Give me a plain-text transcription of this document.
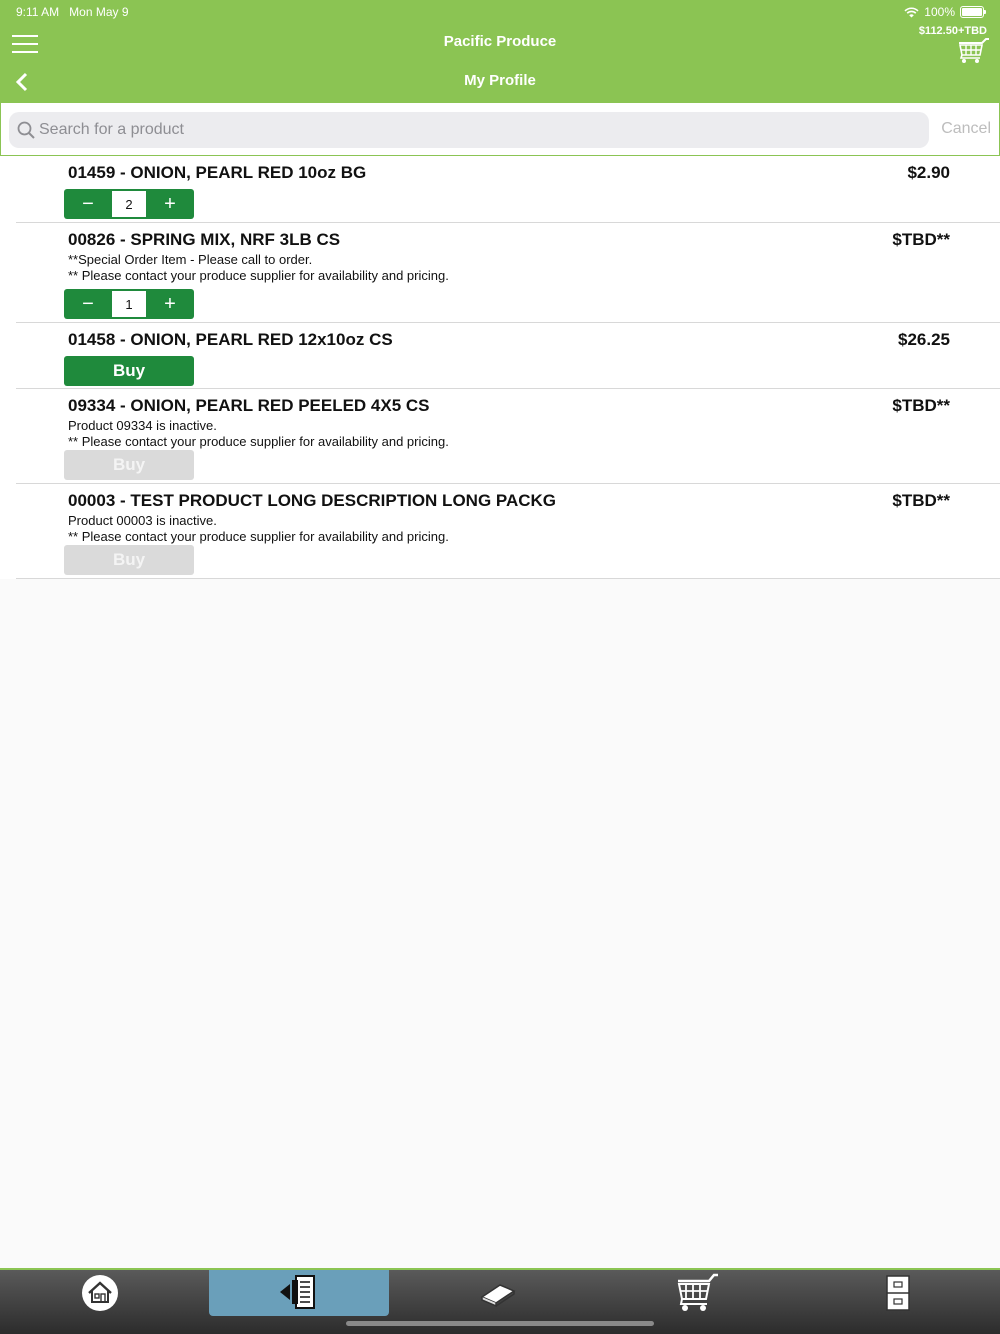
9:11 AM Mon May 9	100%
Pacific Produce
$112.50+TBD
My Profile
Search for a product
Cancel
01459 - ONION, PEARL RED 10oz BG	$2.90
−	2	+
00826 - SPRING MIX, NRF 3LB CS	$TBD**
**Special Order Item - Please call to order.
** Please contact your produce supplier for availability and pricing.
−	1	+
01458 - ONION, PEARL RED 12x10oz CS	$26.25
Buy
09334 - ONION, PEARL RED PEELED 4X5 CS	$TBD**
Product 09334 is inactive.
** Please contact your produce supplier for availability and pricing.
Buy
00003 - TEST PRODUCT LONG DESCRIPTION LONG PACKG	$TBD**
Product 00003 is inactive.
** Please contact your produce supplier for availability and pricing.
Buy
